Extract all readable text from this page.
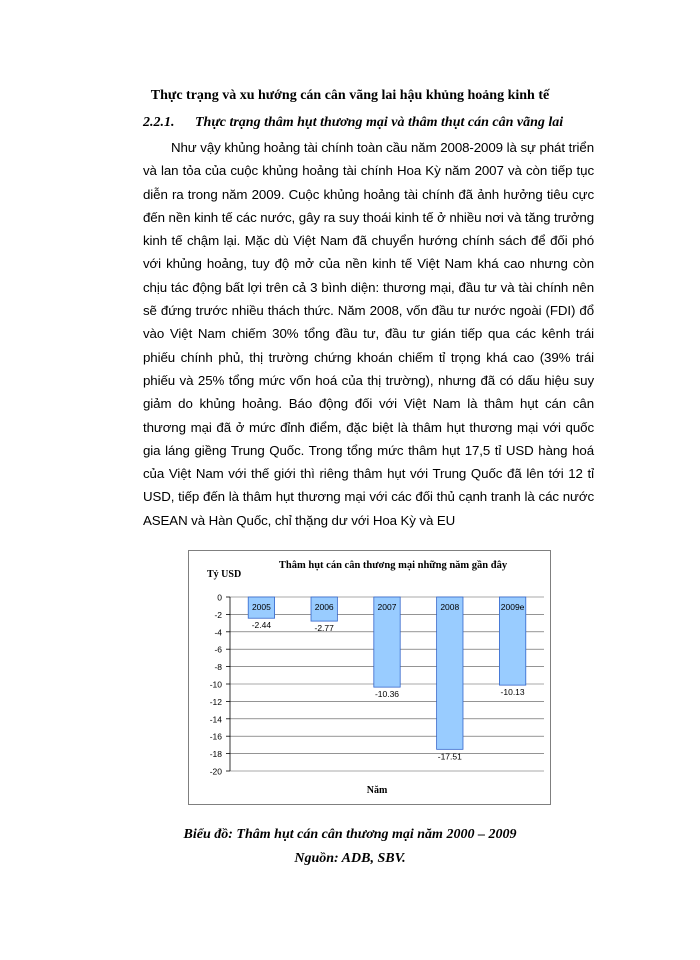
Thực trạng và xu hướng cán cân vãng lai hậu khủng hoảng kinh tế
2.2.1. Thực trạng thâm hụt thương mại và thâm thụt cán cân vãng lai
Như vậy khủng hoảng tài chính toàn cầu năm 2008-2009 là sự phát triển và lan tỏa của cuộc khủng hoảng tài chính Hoa Kỳ năm 2007 và còn tiếp tục diễn ra trong năm 2009. Cuộc khủng hoảng tài chính đã ảnh hưởng tiêu cực đến nền kinh tế các nước, gây ra suy thoái kinh tế ở nhiều nơi và tăng trưởng kinh tế chậm lại. Mặc dù Việt Nam đã chuyển hướng chính sách để đối phó với khủng hoảng, tuy độ mở của nền kinh tế Việt Nam khá cao nhưng còn chịu tác động bất lợi trên cả 3 bình diện: thương mại, đầu tư và tài chính nên sẽ đứng trước nhiều thách thức. Năm 2008, vốn đầu tư nước ngoài (FDI) đổ vào Việt Nam chiếm 30% tổng đầu tư, đầu tư gián tiếp qua các kênh trái phiếu chính phủ, thị trường chứng khoán chiếm tỉ trọng khá cao (39% trái phiếu và 25% tổng mức vốn hoá của thị trường), nhưng đã có dấu hiệu suy giảm do khủng hoảng. Báo động đối với Việt Nam là thâm hụt cán cân thương mại đã ở mức đỉnh điểm, đặc biệt là thâm hụt thương mại với quốc gia láng giềng Trung Quốc. Trong tổng mức thâm hụt 17,5 tỉ USD hàng hoá của Việt Nam với thế giới thì riêng thâm hụt với Trung Quốc đã lên tới 12 tỉ USD, tiếp đến là thâm hụt thương mại với các đối thủ cạnh tranh là các nước ASEAN và Hàn Quốc, chỉ thặng dư với Hoa Kỳ và EU
0
-2
-4
-6
-8
-10
-12
-14
-16
-18
-20
2005
-2.44
2006
-2.77
2007
-10.36
2008
-17.51
2009e
-10.13
Tỷ USD
Thâm hụt cán cân thương mại những năm gần đây
Năm
Biểu đồ: Thâm hụt cán cân thương mại năm 2000 – 2009
Nguồn: ADB, SBV.
